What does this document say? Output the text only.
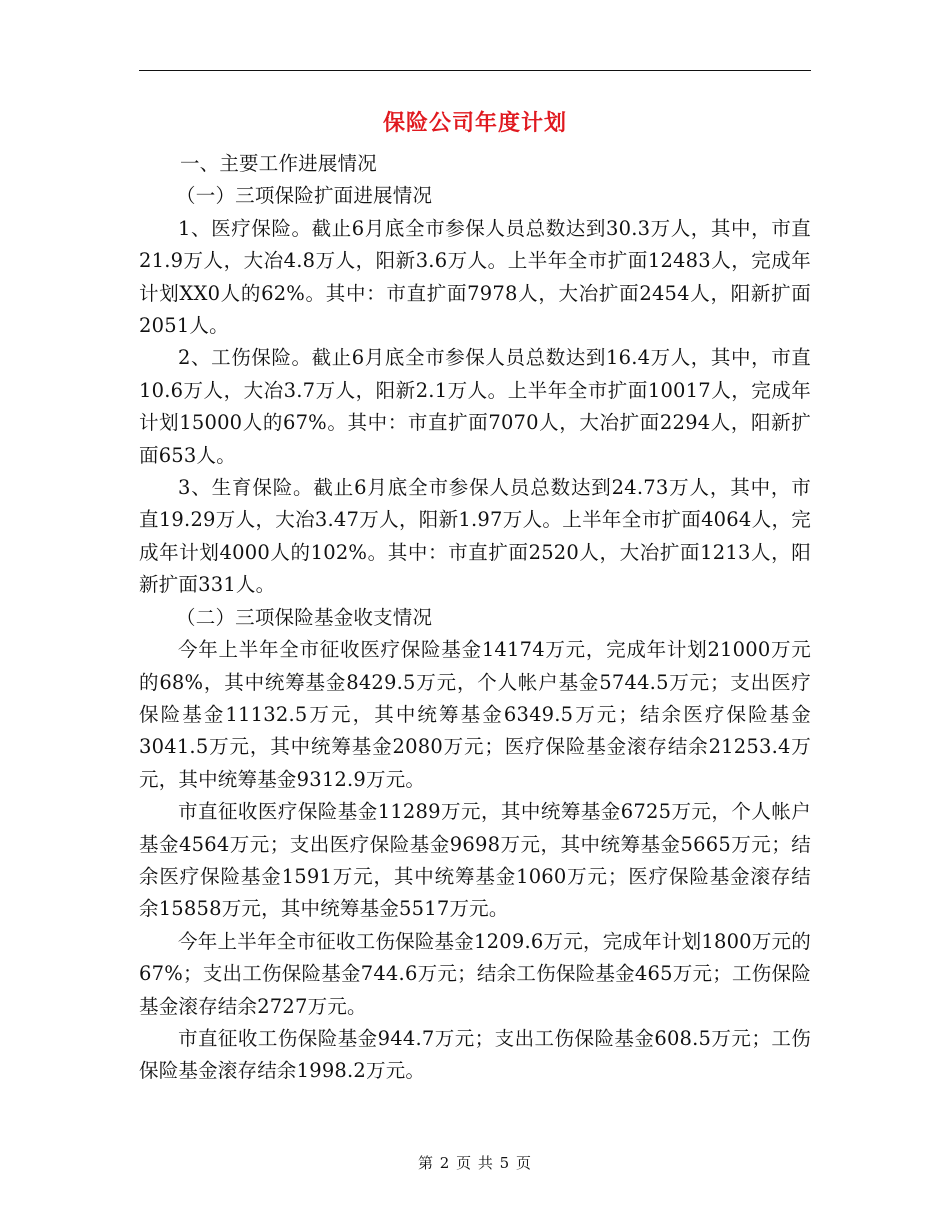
保险公司年度计划

一、主要工作进展情况

（一）三项保险扩面进展情况

1、医疗保险。截止6月底全市参保人员总数达到30.3万人，其中，市直21.9万人，大冶4.8万人，阳新3.6万人。上半年全市扩面12483人，完成年计划XX0人的62%。其中：市直扩面7978人，大冶扩面2454人，阳新扩面2051人。

2、工伤保险。截止6月底全市参保人员总数达到16.4万人，其中，市直10.6万人，大冶3.7万人，阳新2.1万人。上半年全市扩面10017人，完成年计划15000人的67%。其中：市直扩面7070人，大冶扩面2294人，阳新扩面653人。

3、生育保险。截止6月底全市参保人员总数达到24.73万人，其中，市直19.29万人，大冶3.47万人，阳新1.97万人。上半年全市扩面4064人，完成年计划4000人的102%。其中：市直扩面2520人，大冶扩面1213人，阳新扩面331人。

（二）三项保险基金收支情况

今年上半年全市征收医疗保险基金14174万元，完成年计划21000万元的68%，其中统筹基金8429.5万元，个人帐户基金5744.5万元；支出医疗保险基金11132.5万元，其中统筹基金6349.5万元；结余医疗保险基金3041.5万元，其中统筹基金2080万元；医疗保险基金滚存结余21253.4万元，其中统筹基金9312.9万元。

市直征收医疗保险基金11289万元，其中统筹基金6725万元，个人帐户基金4564万元；支出医疗保险基金9698万元，其中统筹基金5665万元；结余医疗保险基金1591万元，其中统筹基金1060万元；医疗保险基金滚存结余15858万元，其中统筹基金5517万元。

今年上半年全市征收工伤保险基金1209.6万元，完成年计划1800万元的67%；支出工伤保险基金744.6万元；结余工伤保险基金465万元；工伤保险基金滚存结余2727万元。

市直征收工伤保险基金944.7万元；支出工伤保险基金608.5万元；工伤保险基金滚存结余1998.2万元。

第 2 页 共 5 页
